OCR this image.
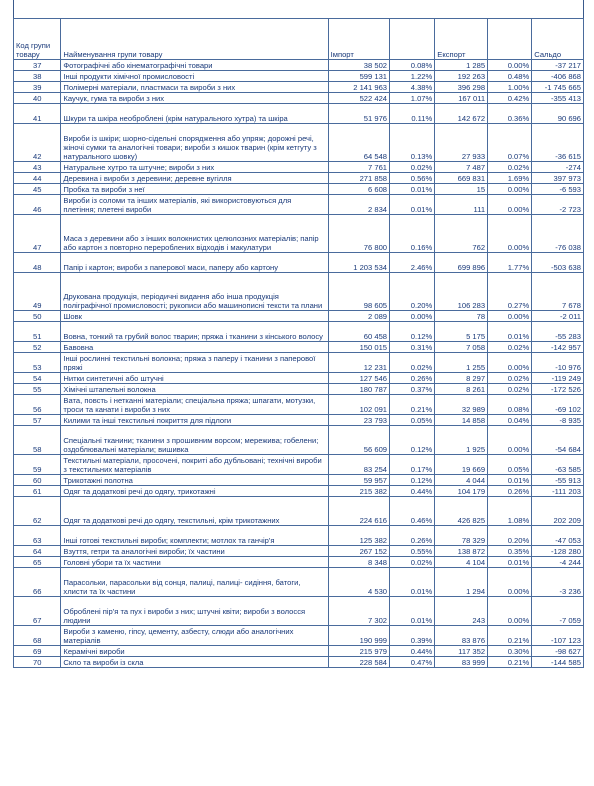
Код групи товару	Найменування групи товару	Імпорт		Експорт		Сальдо
37	Фотографічні або кінематографічні товари	38 502	0.08%	1 285	0.00%	-37 217
38	Інші продукти хімічної промисловості	599 131	1.22%	192 263	0.48%	-406 868
39	Полімерні матеріали, пластмаси та вироби з них	2 141 963	4.38%	396 298	1.00%	-1 745 665
40	Каучук, гума та вироби з них	522 424	1.07%	167 011	0.42%	-355 413
41	Шкури та шкіра необроблені (крім натурального хутра) та шкіра	51 976	0.11%	142 672	0.36%	90 696
42	Вироби із шкіри; шорно-сідельні спорядження або упряж; дорожні речі, жіночі сумки та аналогічні товари; вироби з кишок тварин (крім кетгуту з натурального шовку)	64 548	0.13%	27 933	0.07%	-36 615
43	Натуральне хутро та штучне; вироби з них	7 761	0.02%	7 487	0.02%	-274
44	Деревина і вироби з деревини; деревне вугілля	271 858	0.56%	669 831	1.69%	397 973
45	Пробка та вироби з неї	6 608	0.01%	15	0.00%	-6 593
46	Вироби із соломи та інших матеріалів, які використовуються для плетіння; плетені вироби	2 834	0.01%	111	0.00%	-2 723
47	Маса з деревини або з інших волокнистих целюлозних матеріалів; папір або картон з повторно перероблених відходів і макулатури	76 800	0.16%	762	0.00%	-76 038
48	Папір і картон; вироби з паперової маси, паперу або картону	1 203 534	2.46%	699 896	1.77%	-503 638
49	Друкована продукція, періодичні видання або інша продукція поліграфічної промисловості; рукописи або машинописні тексти та плани	98 605	0.20%	106 283	0.27%	7 678
50	Шовк	2 089	0.00%	78	0.00%	-2 011
51	Вовна, тонкий та грубий волос тварин; пряжа і тканини з кінського волосу	60 458	0.12%	5 175	0.01%	-55 283
52	Бавовна	150 015	0.31%	7 058	0.02%	-142 957
53	Інші рослинні текстильні волокна; пряжа з паперу і тканини з паперової пряжі	12 231	0.02%	1 255	0.00%	-10 976
54	Нитки синтетичні або штучні	127 546	0.26%	8 297	0.02%	-119 249
55	Хімічні штапельні волокна	180 787	0.37%	8 261	0.02%	-172 526
56	Вата, повсть і нетканні матеріали; спеціальна пряжа; шпагати, мотузки, троси та канати і вироби з них	102 091	0.21%	32 989	0.08%	-69 102
57	Килими та інші текстильні покриття для підлоги	23 793	0.05%	14 858	0.04%	-8 935
58	Спеціальні тканини; тканини з прошивним ворсом; мережива; гобелени; оздоблювальні матеріали; вишивка	56 609	0.12%	1 925	0.00%	-54 684
59	Текстильні матеріали, просочені, покриті або дубльовані; технічні вироби з текстильних матеріалів	83 254	0.17%	19 669	0.05%	-63 585
60	Трикотажні полотна	59 957	0.12%	4 044	0.01%	-55 913
61	Одяг та додаткові речі до одягу, трикотажні	215 382	0.44%	104 179	0.26%	-111 203
62	Одяг та додаткові речі до одягу, текстильні, крім трикотажних	224 616	0.46%	426 825	1.08%	202 209
63	Інші готові текстильні вироби; комплекти; мотлох та ганчір'я	125 382	0.26%	78 329	0.20%	-47 053
64	Взуття, гетри та аналогічні вироби; їх частини	267 152	0.55%	138 872	0.35%	-128 280
65	Головні убори та їх частини	8 348	0.02%	4 104	0.01%	-4 244
66	Парасольки, парасольки від сонця, палиці, палиці- сидіння, батоги, хлисти та їх частини	4 530	0.01%	1 294	0.00%	-3 236
67	Оброблені пір'я та пух і вироби з них; штучні квіти; вироби з волосся людини	7 302	0.01%	243	0.00%	-7 059
68	Вироби з каменю, гіпсу, цементу, азбесту, слюди або аналогічних матеріалів	190 999	0.39%	83 876	0.21%	-107 123
69	Керамічні вироби	215 979	0.44%	117 352	0.30%	-98 627
70	Скло та вироби із скла	228 584	0.47%	83 999	0.21%	-144 585
